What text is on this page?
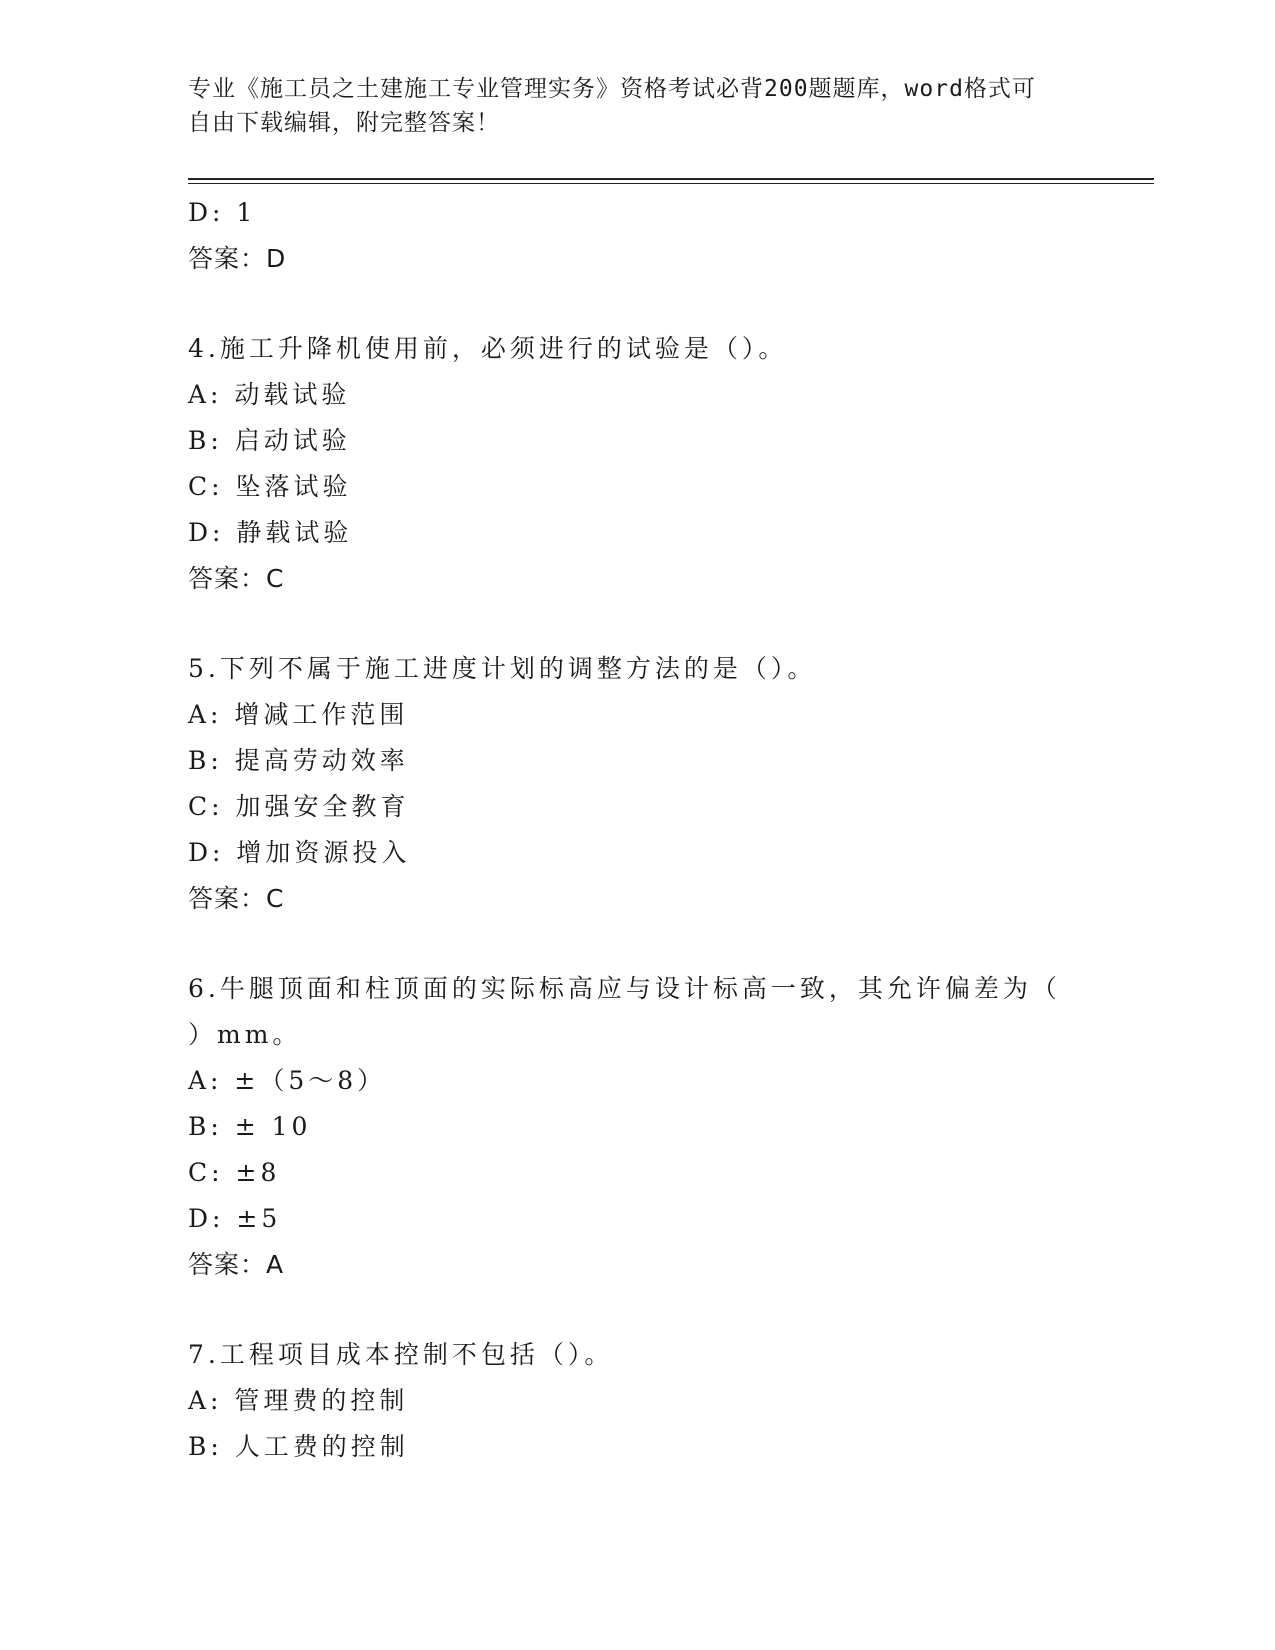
专业《施工员之土建施工专业管理实务》资格考试必背200题题库，word格式可
自由下载编辑，附完整答案！
D: 1
答案：D
4.施工升降机使用前，必须进行的试验是（）。
A: 动载试验
B: 启动试验
C: 坠落试验
D: 静载试验
答案：C
5.下列不属于施工进度计划的调整方法的是（）。
A: 增减工作范围
B: 提高劳动效率
C: 加强安全教育
D: 增加资源投入
答案：C
6.牛腿顶面和柱顶面的实际标高应与设计标高一致，其允许偏差为（
）mm。
A: ±（5～8）
B: ± 10
C: ±8
D: ±5
答案：A
7.工程项目成本控制不包括（）。
A: 管理费的控制
B: 人工费的控制
